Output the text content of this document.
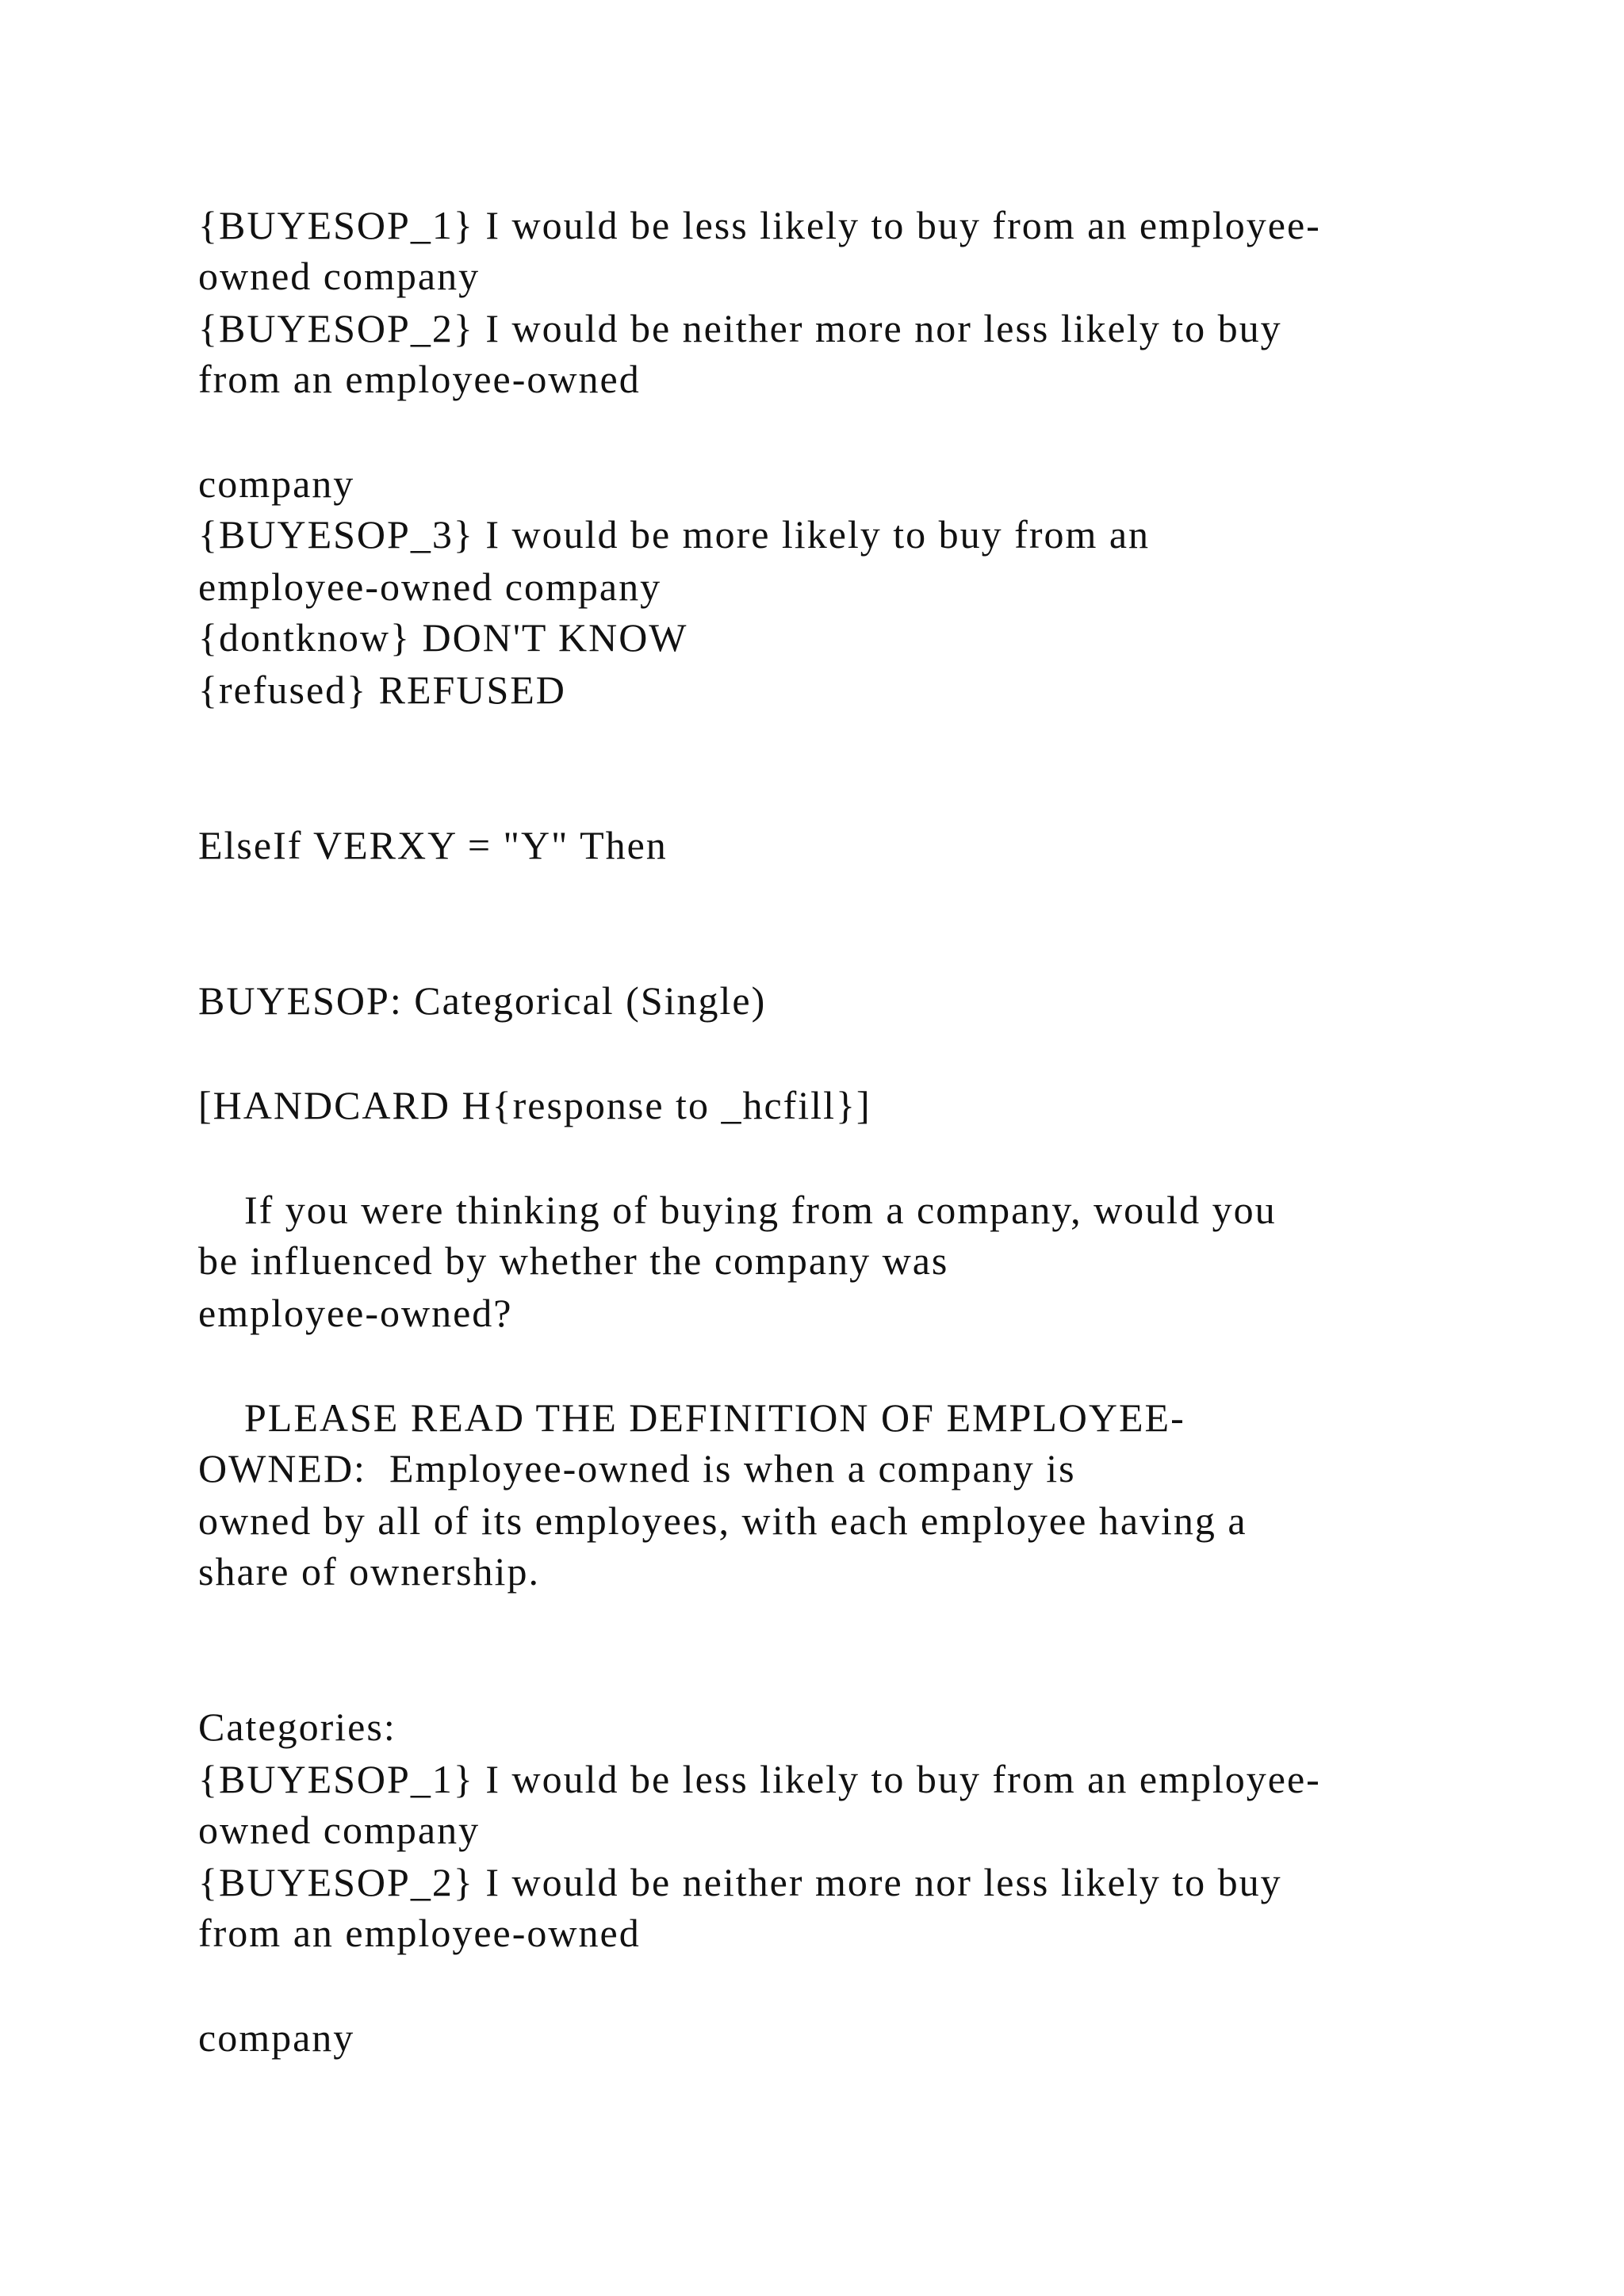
{BUYESOP_1} I would be less likely to buy from an employee-

owned company

{BUYESOP_2} I would be neither more nor less likely to buy

from an employee-owned

company

{BUYESOP_3} I would be more likely to buy from an

employee-owned company

{dontknow} DON'T KNOW

{refused} REFUSED

ElseIf VERXY = "Y" Then

BUYESOP: Categorical (Single)

[HANDCARD H{response to _hcfill}]

If you were thinking of buying from a company, would you

be influenced by whether the company was

employee-owned?

PLEASE READ THE DEFINITION OF EMPLOYEE-

OWNED:  Employee-owned is when a company is

owned by all of its employees, with each employee having a

share of ownership.

Categories:

{BUYESOP_1} I would be less likely to buy from an employee-

owned company

{BUYESOP_2} I would be neither more nor less likely to buy

from an employee-owned

company
